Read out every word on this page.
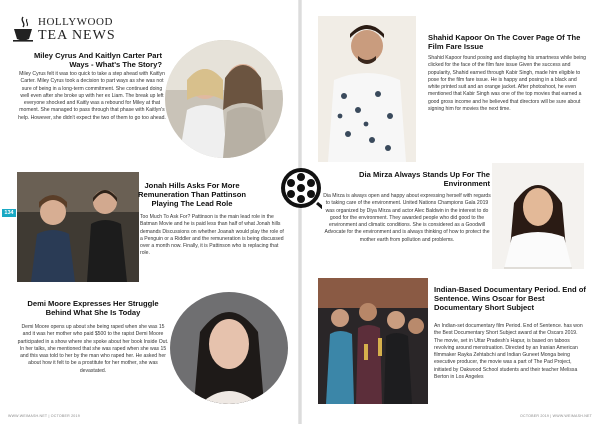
HOLLYWOOD
TEA NEWS
Miley Cyrus And Kaitlyn Carter Part Ways - What's The Story?
Miley Cyrus felt it was too quick to take a step ahead with Kaitlyn Carter. Miley Cyrus took a decision to part ways as she was not sure of being in a long-term commitment. She continued doing well even after she broke up with her ex Liam. The break up left everyone shocked and Kaitly was a rebound for Miley at that moment. She managed to pass through that phase with Kaitlyn's help. However, she didn't expect the two of them to go too ahead.
134
Jonah Hills Asks For More Remuneration Than Pattinson Playing The Lead Role
Too Much To Ask For? Pattinson is the main lead role in the Batman Movie and he is paid less than half of what Jonah hills demands Discussions on whether Joanah would play the role of a Penguin or a Riddler and the remuneration is being discussed over a month now. Finally, it is Pattinson who is replacing that role.
Demi Moore Expresses Her Struggle Behind What She Is Today
Demi Moore opens up about she being raped when she was 15 and it was her mother who paid $500 to the rapist Demi Moore participated in a show where she spoke about her book Inside Out. In her talks, she mentioned that she was raped when she was 15 and this was told to her by the man who raped her. He asked her about how it felt to be a prostitute for her mother, she was devastated.
WWW.WEIMASH.NET | OCTOBER 2019
Shahid Kapoor On The Cover Page Of The Film Fare Issue
Shahid Kapoor found posing and displaying his smartness while being clicked for the face of the film fare issue Given the success and popularity, Shahid earned through Kabir Singh, made him eligible to pose for the film fare issue. He is happy and posing in a black and white printed suit and an orange jacket. After photoshoot, he even mentioned that Kabir Singh was one of the top movies that earned a good gross income and he believed that directors will be sure about signing him for movies the next time.
Dia Mirza Always Stands Up For The Environment
Dia Mirza is always open and happy about expressing herself with regards to taking care of the environment. United Nations Champions Gala 2019 was organized by Diya Mirza and actor Alec Baldwin in the interest to do good for the environment. They awarded people who did good to the environment and climatic conditions. She is considered as a Goodwill Advocate for the environment and is always thinking of how to protect the mother earth from pollution and problems.
Indian-Based Documentary Period. End of Sentence. Wins Oscar for Best Documentary Short Subject
An Indian-set documentary film Period. End of Sentence. has won the Best Documentary Short Subject award at the Oscars 2019. The movie, set in Uttar Pradesh's Hapur, is based on taboos revolving around menstruation. Directed by an Iranian American filmmaker Rayka Zehtabchi and Indian Guneet Monga being executive producer, the movie was a part of The Pad Project, initiated by Oakwood School students and their teacher Melissa Berton in Los Angeles
OCTOBER 2019 | WWW.WEIMASH.NET
